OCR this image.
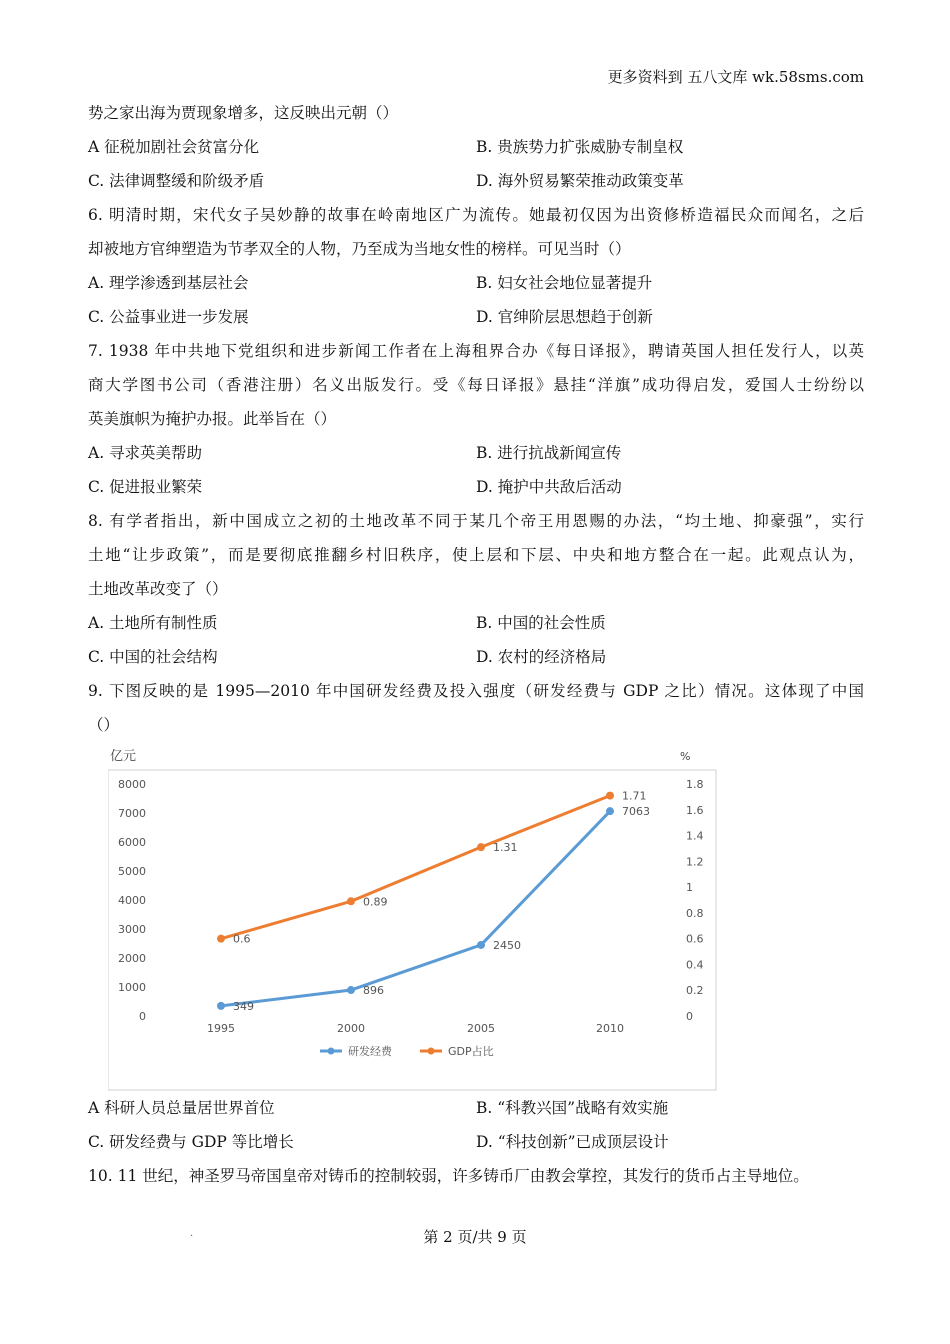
更多资料到 五八文库 wk.58sms.com
势之家出海为贾现象增多，这反映出元朝（）
A 征税加剧社会贫富分化	B. 贵族势力扩张威胁专制皇权
C. 法律调整缓和阶级矛盾	D. 海外贸易繁荣推动政策变革
6. 明清时期，宋代女子吴妙静的故事在岭南地区广为流传。她最初仅因为出资修桥造福民众而闻名，之后
却被地方官绅塑造为节孝双全的人物，乃至成为当地女性的榜样。可见当时（）
A. 理学渗透到基层社会	B. 妇女社会地位显著提升
C. 公益事业进一步发展	D. 官绅阶层思想趋于创新
7. 1938 年中共地下党组织和进步新闻工作者在上海租界合办《每日译报》，聘请英国人担任发行人，以英
商大学图书公司（香港注册）名义出版发行。受《每日译报》悬挂“洋旗”成功得启发，爱国人士纷纷以
英美旗帜为掩护办报。此举旨在（）
A. 寻求英美帮助	B. 进行抗战新闻宣传
C. 促进报业繁荣	D. 掩护中共敌后活动
8. 有学者指出，新中国成立之初的土地改革不同于某几个帝王用恩赐的办法，“均土地、抑豪强”，实行
土地“让步政策”，而是要彻底推翻乡村旧秩序，使上层和下层、中央和地方整合在一起。此观点认为，
土地改革改变了（）
A. 土地所有制性质	B. 中国的社会性质
C. 中国的社会结构	D. 农村的经济格局
9. 下图反映的是 1995—2010 年中国研发经费及投入强度（研发经费与 GDP 之比）情况。这体现了中国
（）
亿元	%
0
1000
2000
3000
4000
5000
6000
7000
8000
0
0.2
0.4
0.6
0.8
1
1.2
1.4
1.6
1.8
1995	2000	2005	2010
349
896
2450
7063
0.6
0.89
1.31
1.71
研发经费	GDP占比
A 科研人员总量居世界首位	B. “科教兴国”战略有效实施
C. 研发经费与 GDP 等比增长	D. “科技创新”已成顶层设计
10. 11 世纪，神圣罗马帝国皇帝对铸币的控制较弱，许多铸币厂由教会掌控，其发行的货币占主导地位。
.	第 2 页/共 9 页
